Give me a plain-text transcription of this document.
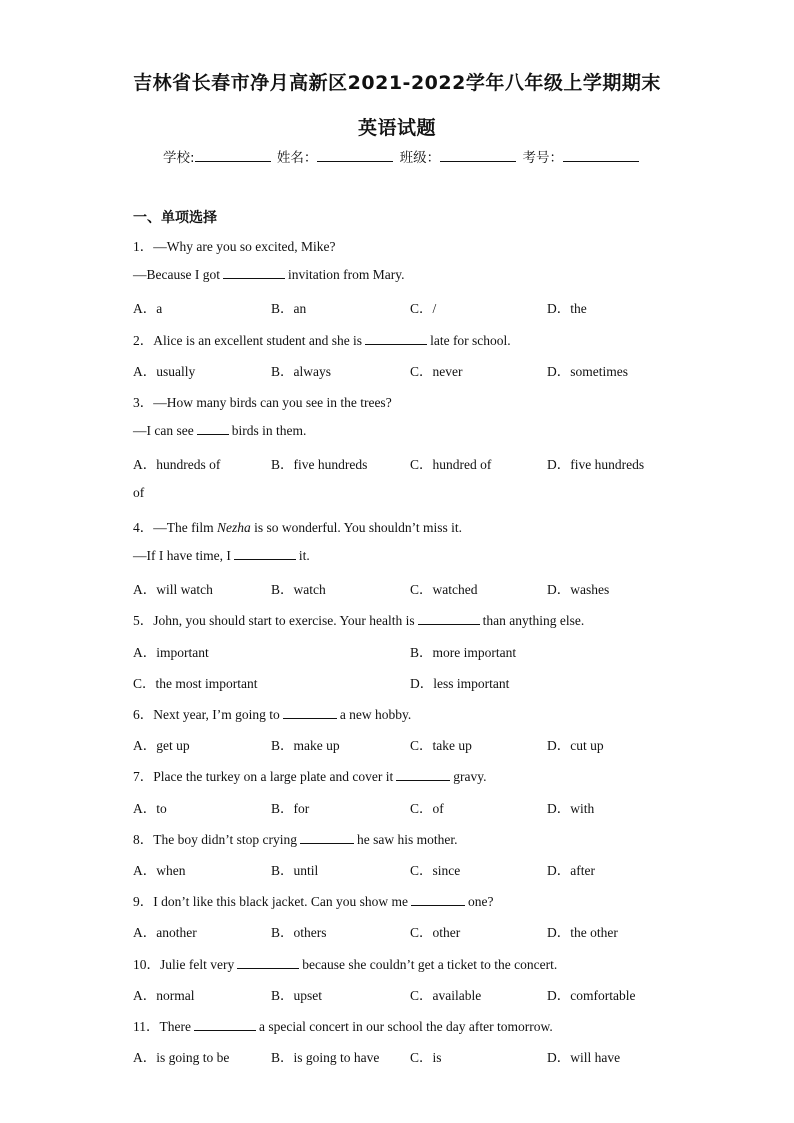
吉林省长春市净月高新区2021-2022学年八年级上学期期末
英语试题
学校:	姓名：	班级：	考号：
一、单项选择
1．—Why are you so excited, Mike?
—Because I got	invitation from Mary.
A．a	B．an	C．/	D．the
2．Alice is an excellent student and she is	late for school.
A．usually	B．always	C．never	D．sometimes
3．—How many birds can you see in the trees?
—I can see	birds in them.
A．hundreds of	B．five hundreds	C．hundred of	D．five hundreds
of
4．—The film Nezha is so wonderful. You shouldn’t miss it.
—If I have time, I	it.
A．will watch	B．watch	C．watched	D．washes
5．John, you should start to exercise. Your health is	than anything else.
A．important	B．more important
C．the most important	D．less important
6．Next year, I’m going to	a new hobby.
A．get up	B．make up	C．take up	D．cut up
7．Place the turkey on a large plate and cover it	gravy.
A．to	B．for	C．of	D．with
8．The boy didn’t stop crying	he saw his mother.
A．when	B．until	C．since	D．after
9．I don’t like this black jacket. Can you show me	one?
A．another	B．others	C．other	D．the other
10．Julie felt very	because she couldn’t get a ticket to the concert.
A．normal	B．upset	C．available	D．comfortable
11．There	a special concert in our school the day after tomorrow.
A．is going to be	B．is going to have C．is	D．will have
